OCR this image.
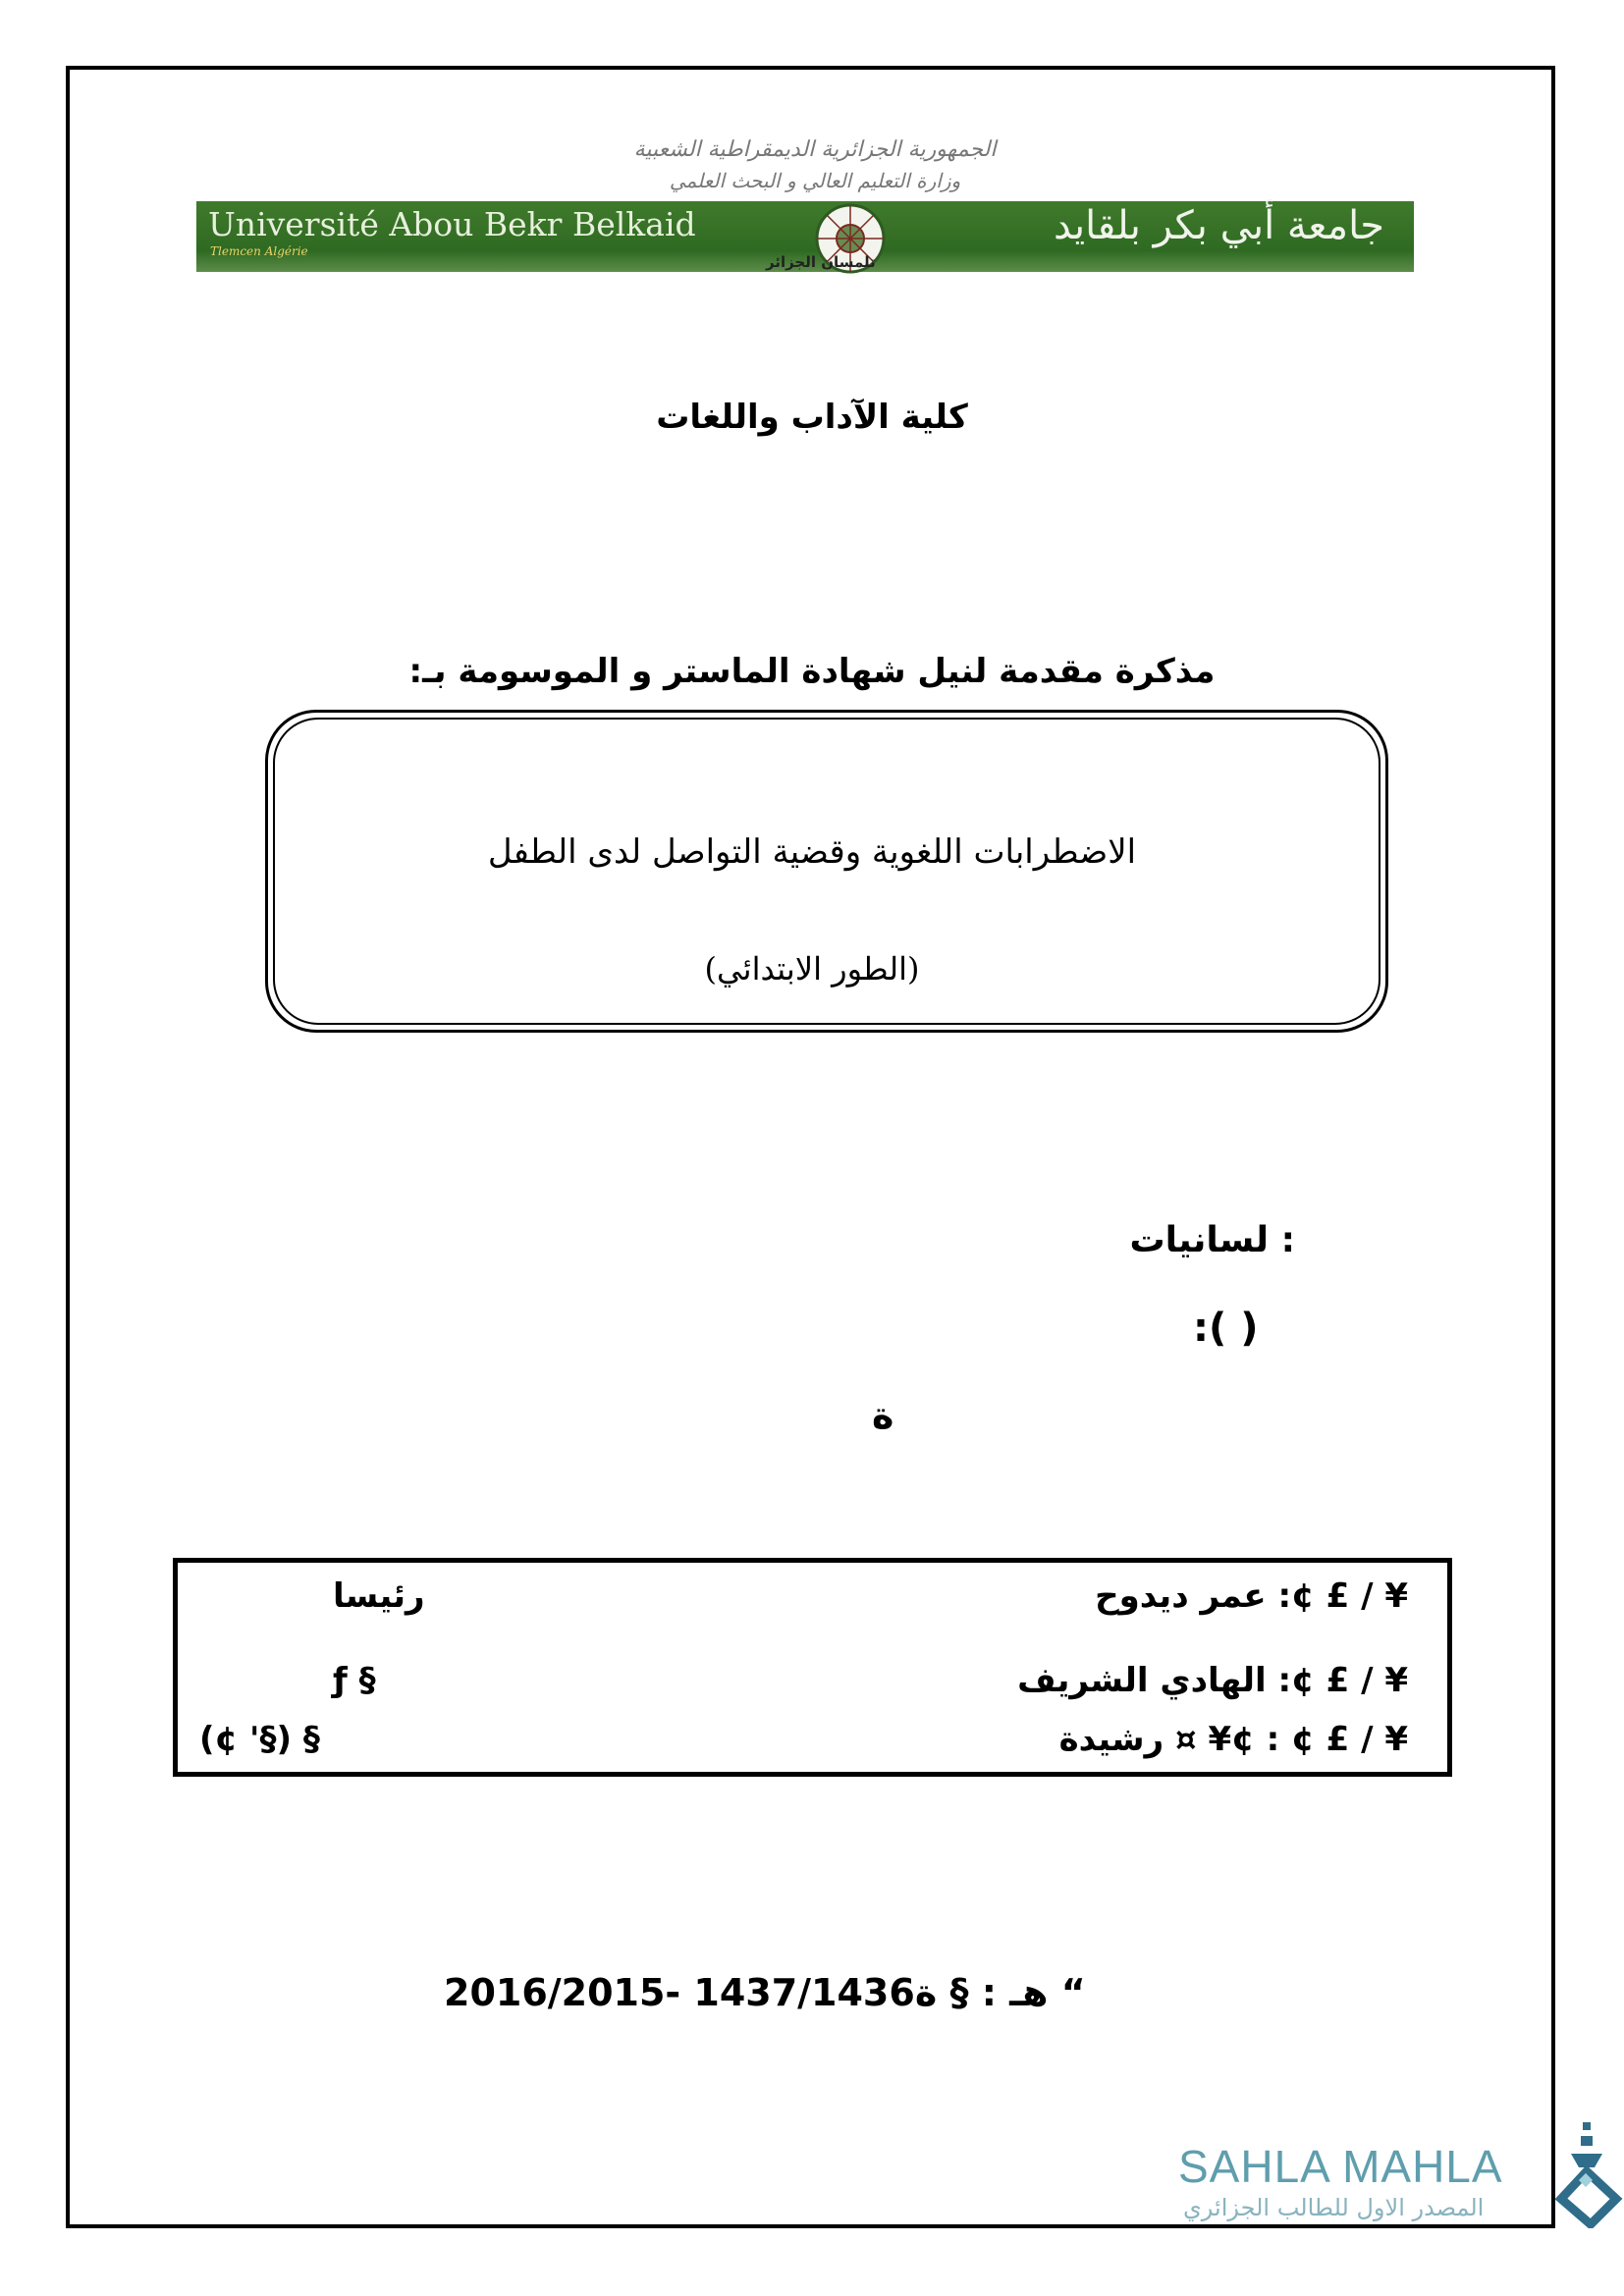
الجمهورية الجزائرية الديمقراطية الشعبية
وزارة التعليم العالي و البحث العلمي
Université Abou Bekr Belkaid
Tlemcen Algérie
جامعة أبي بكر بلقايد
تلمسان الجزائر
كلية الآداب واللغات
مذكرة مقدمة لنيل شهادة الماستر و الموسومة بـ:
الاضطرابات اللغوية وقضية التواصل لدى الطفل
(الطور الابتدائي)
: لسانيات
:( )
ة
عمر ديدوح :¢ £ / ¥
رئيسا
الهادي الشريف :¢ £ / ¥
ƒ §
رشيدة ¤ ¥¢ : ¢ £ / ¥
(¢ '§) §
2016/2015- 1437/1436هـ : § ة “
SAHLA MAHLA
المصدر الاول للطالب الجزائري
